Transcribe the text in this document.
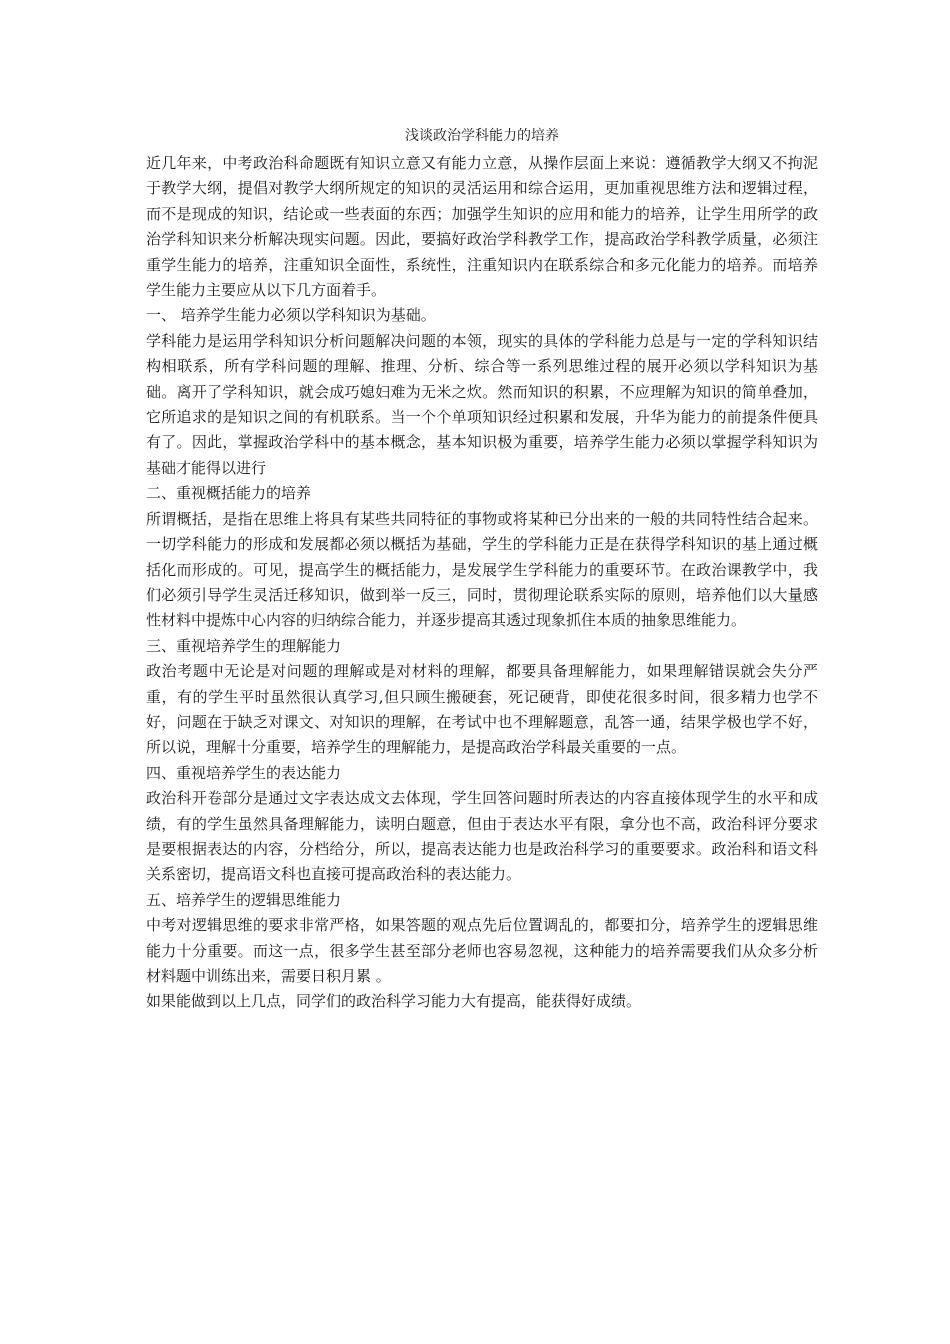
浅谈政治学科能力的培养

近几年来，中考政治科命题既有知识立意又有能力立意，从操作层面上来说：遵循教学大纲又不拘泥于教学大纲，提倡对教学大纲所规定的知识的灵活运用和综合运用，更加重视思维方法和逻辑过程，而不是现成的知识，结论或一些表面的东西；加强学生知识的应用和能力的培养，让学生用所学的政治学科知识来分析解决现实问题。因此，要搞好政治学科教学工作，提高政治学科教学质量，必须注重学生能力的培养，注重知识全面性，系统性，注重知识内在联系综合和多元化能力的培养。而培养学生能力主要应从以下几方面着手。

一、 培养学生能力必须以学科知识为基础。

学科能力是运用学科知识分析问题解决问题的本领，现实的具体的学科能力总是与一定的学科知识结构相联系，所有学科问题的理解、推理、分析、综合等一系列思维过程的展开必须以学科知识为基础。离开了学科知识，就会成巧媳妇难为无米之炊。然而知识的积累，不应理解为知识的简单叠加，它所追求的是知识之间的有机联系。当一个个单项知识经过积累和发展，升华为能力的前提条件便具有了。因此，掌握政治学科中的基本概念，基本知识极为重要，培养学生能力必须以掌握学科知识为基础才能得以进行

二、重视概括能力的培养

所谓概括，是指在思维上将具有某些共同特征的事物或将某种已分出来的一般的共同特性结合起来。一切学科能力的形成和发展都必须以概括为基础，学生的学科能力正是在获得学科知识的基上通过概括化而形成的。可见，提高学生的概括能力，是发展学生学科能力的重要环节。在政治课教学中，我们必须引导学生灵活迁移知识，做到举一反三，同时，贯彻理论联系实际的原则，培养他们以大量感性材料中提炼中心内容的归纳综合能力，并逐步提高其透过现象抓住本质的抽象思维能力。

三、重视培养学生的理解能力

政治考题中无论是对问题的理解或是对材料的理解，都要具备理解能力，如果理解错误就会失分严重，有的学生平时虽然很认真学习,但只顾生搬硬套，死记硬背，即使花很多时间，很多精力也学不好，问题在于缺乏对课文、对知识的理解，在考试中也不理解题意，乱答一通，结果学极也学不好，所以说，理解十分重要，培养学生的理解能力，是提高政治学科最关重要的一点。

四、重视培养学生的表达能力

政治科开卷部分是通过文字表达成文去体现，学生回答问题时所表达的内容直接体现学生的水平和成绩，有的学生虽然具备理解能力，读明白题意，但由于表达水平有限，拿分也不高，政治科评分要求是要根据表达的内容，分档给分，所以，提高表达能力也是政治科学习的重要要求。政治科和语文科关系密切，提高语文科也直接可提高政治科的表达能力。

五、培养学生的逻辑思维能力

中考对逻辑思维的要求非常严格，如果答题的观点先后位置调乱的，都要扣分，培养学生的逻辑思维能力十分重要。而这一点，很多学生甚至部分老师也容易忽视，这种能力的培养需要我们从众多分析材料题中训练出来，需要日积月累 。

如果能做到以上几点，同学们的政治科学习能力大有提高，能获得好成绩。
